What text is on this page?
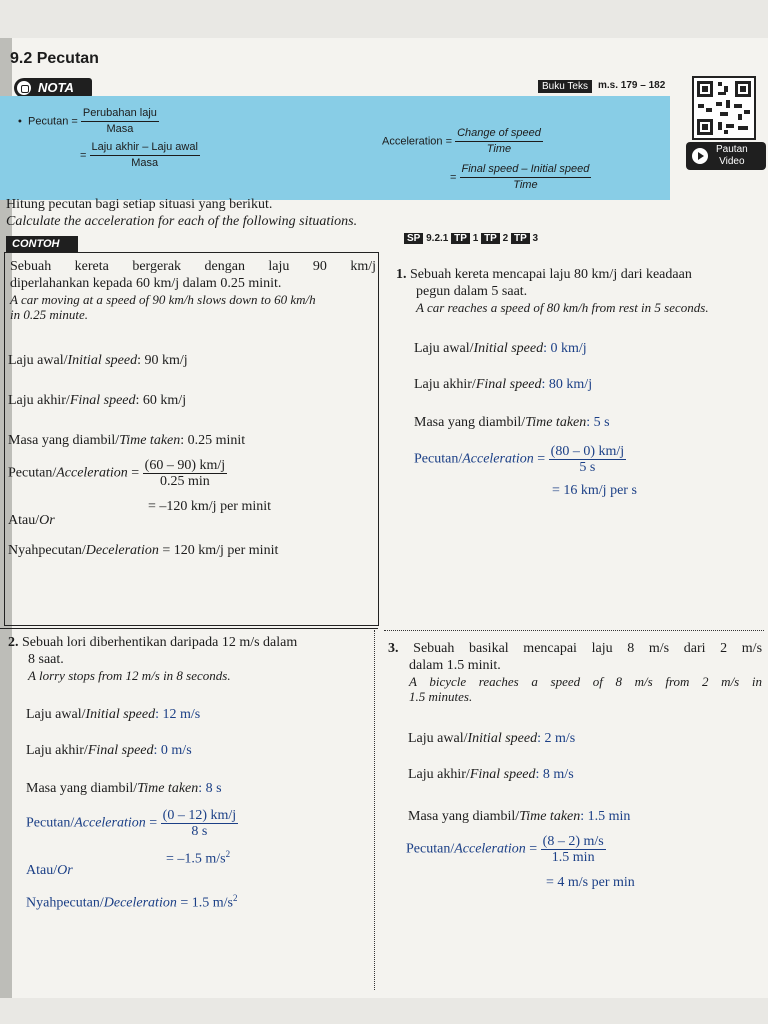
9.2 Pecutan
NOTA	Buku Teks	m.s. 179 – 182
Pautan
Video
• Pecutan = $\frac{\text{Perubahan laju}}{\text{Masa}}$
= $\frac{\text{Laju akhir – Laju awal}}{\text{Masa}}$	Acceleration = $\frac{\text{Change of speed}}{\text{Time}}$
= $\frac{\text{Final speed – Initial speed}}{\text{Time}}$
Hitung pecutan bagi setiap situasi yang berikut.
Calculate the acceleration for each of the following situations.
SP 9.2.1 TP 1 TP 2 TP 3
CONTOH
Sebuah kereta bergerak dengan laju 90 km/j
diperlahankan kepada 60 km/j dalam 0.25 minit.
A car moving at a speed of 90 km/h slows down to 60 km/h
in 0.25 minute.
Laju awal/Initial speed: 90 km/j
Laju akhir/Final speed: 60 km/j
Masa yang diambil/Time taken: 0.25 minit
Pecutan/Acceleration = $\frac{(60 - 90) km/j}{0.25 \min}$
= –120 km/j per minit
Atau/Or
Nyahpecutan/Deceleration = 120 km/j per minit
1. Sebuah kereta mencapai laju 80 km/j dari keadaan
pegun dalam 5 saat.
A car reaches a speed of 80 km/h from rest in 5 seconds.
Laju awal/Initial speed: 0 km/j
Laju akhir/Final speed: 80 km/j
Masa yang diambil/Time taken: 5 s
Pecutan/Acceleration = $\frac{(80 - 0) km/j}{5 s}$
= 16 km/j per s
2. Sebuah lori diberhentikan daripada 12 m/s dalam
8 saat.
A lorry stops from 12 m/s in 8 seconds.
Laju awal/Initial speed: 12 m/s
Laju akhir/Final speed: 0 m/s
Masa yang diambil/Time taken: 8 s
Pecutan/Acceleration = $\frac{(0 - 12) km/j}{8 s}$
= –1.5 $m/s^2$
Atau/Or
Nyahpecutan/Deceleration = 1.5 $m/s^2$
3. Sebuah basikal mencapai laju 8 m/s dari 2 m/s
dalam 1.5 minit.
A bicycle reaches a speed of 8 m/s from 2 m/s in
1.5 minutes.
Laju awal/Initial speed: 2 m/s
Laju akhir/Final speed: 8 m/s
Masa yang diambil/Time taken: 1.5 min
Pecutan/Acceleration = $\frac{(8 - 2) m/s}{1.5 \min}$
= 4 m/s per min
